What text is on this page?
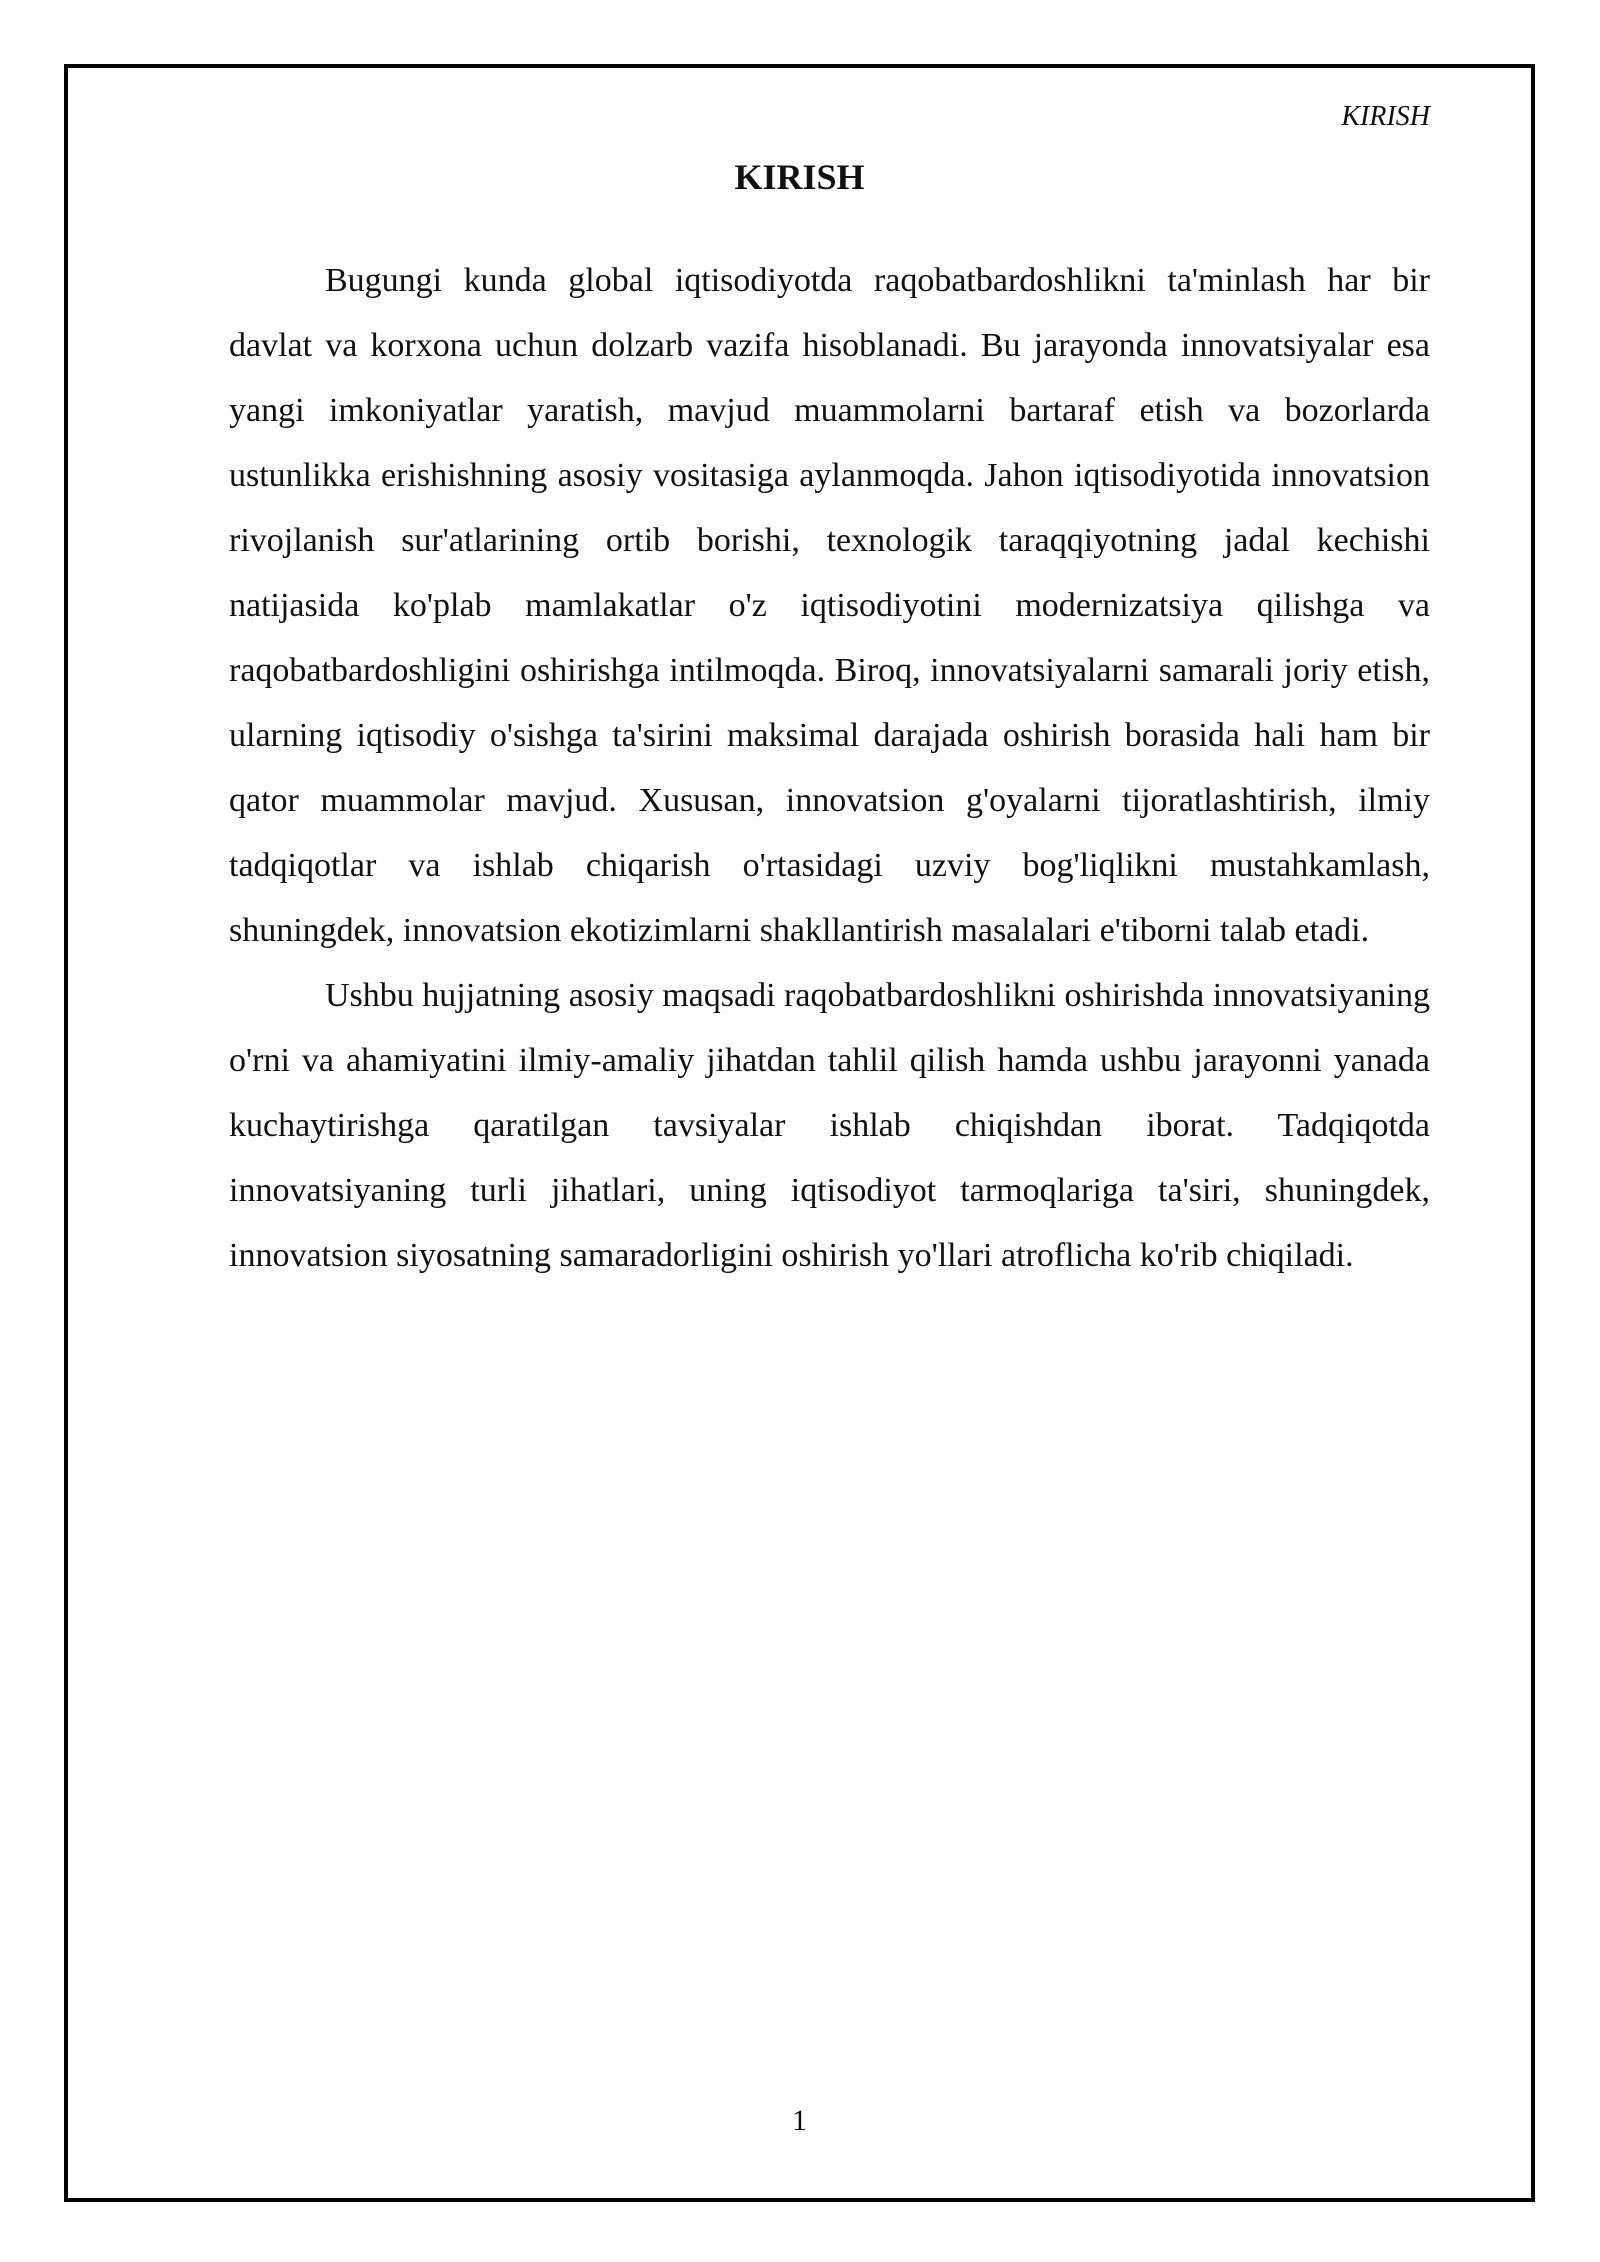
KIRISH
KIRISH

Bugungi kunda global iqtisodiyotda raqobatbardoshlikni ta'minlash har bir davlat va korxona uchun dolzarb vazifa hisoblanadi. Bu jarayonda innovatsiyalar esa yangi imkoniyatlar yaratish, mavjud muammolarni bartaraf etish va bozorlarda ustunlikka erishishning asosiy vositasiga aylanmoqda. Jahon iqtisodiyotida innovatsion rivojlanish sur'atlarining ortib borishi, texnologik taraqqiyotning jadal kechishi natijasida ko'plab mamlakatlar o'z iqtisodiyotini modernizatsiya qilishga va raqobatbardoshligini oshirishga intilmoqda. Biroq, innovatsiyalarni samarali joriy etish, ularning iqtisodiy o'sishga ta'sirini maksimal darajada oshirish borasida hali ham bir qator muammolar mavjud. Xususan, innovatsion g'oyalarni tijoratlashtirish, ilmiy tadqiqotlar va ishlab chiqarish o'rtasidagi uzviy bog'liqlikni mustahkamlash, shuningdek, innovatsion ekotizimlarni shakllantirish masalalari e'tiborni talab etadi.

Ushbu hujjatning asosiy maqsadi raqobatbardoshlikni oshirishda innovatsiyaning o'rni va ahamiyatini ilmiy-amaliy jihatdan tahlil qilish hamda ushbu jarayonni yanada kuchaytirishga qaratilgan tavsiyalar ishlab chiqishdan iborat. Tadqiqotda innovatsiyaning turli jihatlari, uning iqtisodiyot tarmoqlariga ta'siri, shuningdek, innovatsion siyosatning samaradorligini oshirish yo'llari atroflicha ko'rib chiqiladi.

1
